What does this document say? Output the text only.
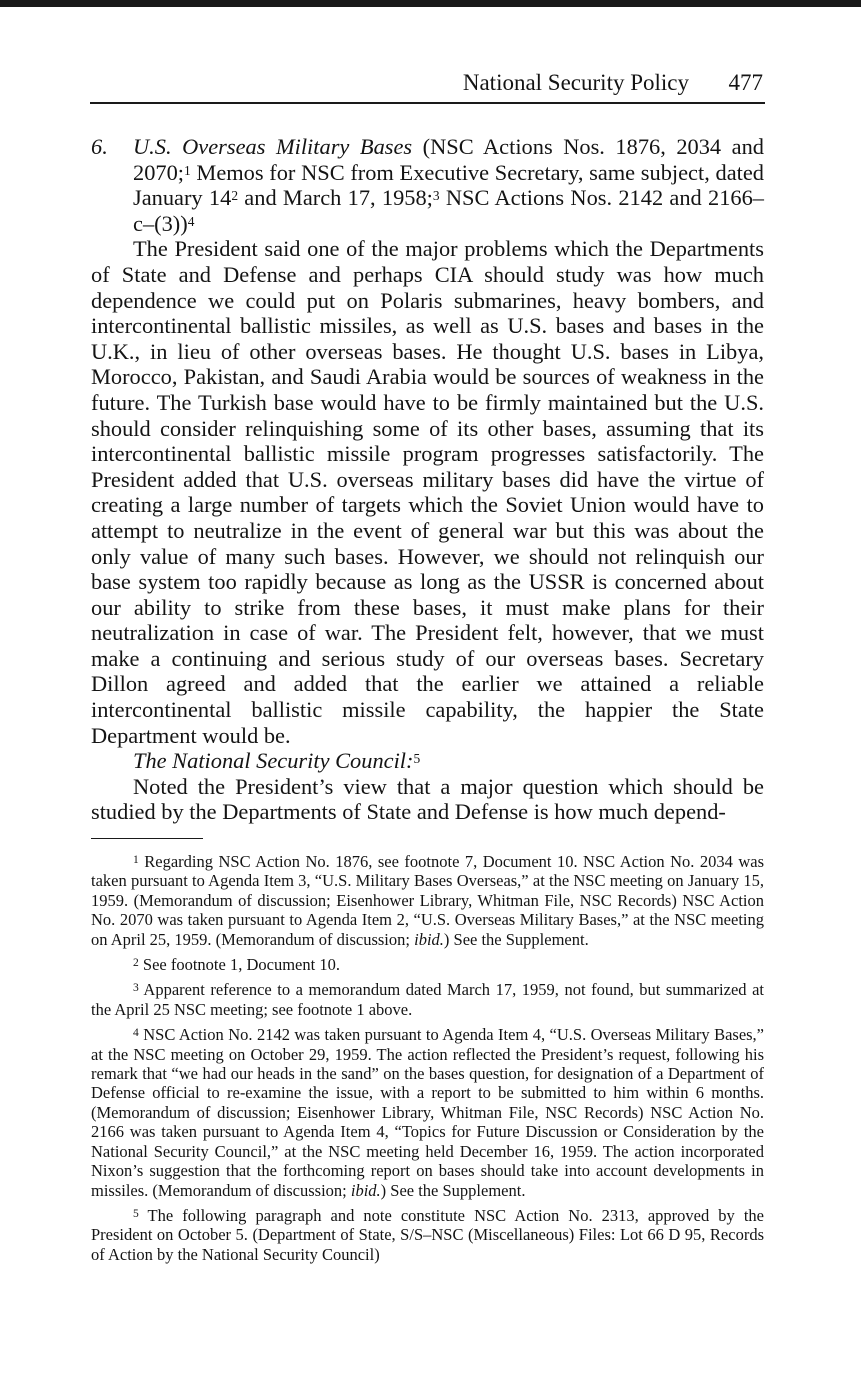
National Security Policy 477
6.	U.S. Overseas Military Bases (NSC Actions Nos. 1876, 2034 and 2070;$^1$ Memos for NSC from Executive Secretary, same subject, dated January $14^2$ and March 17, 1958;$^3$ NSC Actions Nos. 2142 and 2166–c–(3))$^4$

The President said one of the major problems which the Departments of State and Defense and perhaps CIA should study was how much dependence we could put on Polaris submarines, heavy bombers, and intercontinental ballistic missiles, as well as U.S. bases and bases in the U.K., in lieu of other overseas bases. He thought U.S. bases in Libya, Morocco, Pakistan, and Saudi Arabia would be sources of weakness in the future. The Turkish base would have to be firmly maintained but the U.S. should consider relinquishing some of its other bases, assuming that its intercontinental ballistic missile program progresses satisfactorily. The President added that U.S. overseas military bases did have the virtue of creating a large number of targets which the Soviet Union would have to attempt to neutralize in the event of general war but this was about the only value of many such bases. However, we should not relinquish our base system too rapidly because as long as the USSR is concerned about our ability to strike from these bases, it must make plans for their neutralization in case of war. The President felt, however, that we must make a continuing and serious study of our overseas bases. Secretary Dillon agreed and added that the earlier we attained a reliable intercontinental ballistic missile capability, the happier the State Department would be.

The National Security Council:$^5$

Noted the President’s view that a major question which should be studied by the Departments of State and Defense is how much depend-

$^1$ Regarding NSC Action No. 1876, see footnote 7, Document 10. NSC Action No. 2034 was taken pursuant to Agenda Item 3, “U.S. Military Bases Overseas,” at the NSC meeting on January 15, 1959. (Memorandum of discussion; Eisenhower Library, Whitman File, NSC Records) NSC Action No. 2070 was taken pursuant to Agenda Item 2, “U.S. Overseas Military Bases,” at the NSC meeting on April 25, 1959. (Memorandum of discussion; ibid.) See the Supplement.

$^2$ See footnote 1, Document 10.

$^3$ Apparent reference to a memorandum dated March 17, 1959, not found, but summarized at the April 25 NSC meeting; see footnote 1 above.

$^4$ NSC Action No. 2142 was taken pursuant to Agenda Item 4, “U.S. Overseas Military Bases,” at the NSC meeting on October 29, 1959. The action reflected the President’s request, following his remark that “we had our heads in the sand” on the bases question, for designation of a Department of Defense official to re-examine the issue, with a report to be submitted to him within 6 months. (Memorandum of discussion; Eisenhower Library, Whitman File, NSC Records) NSC Action No. 2166 was taken pursuant to Agenda Item 4, “Topics for Future Discussion or Consideration by the National Security Council,” at the NSC meeting held December 16, 1959. The action incorporated Nixon’s suggestion that the forthcoming report on bases should take into account developments in missiles. (Memorandum of discussion; ibid.) See the Supplement.

$^5$ The following paragraph and note constitute NSC Action No. 2313, approved by the President on October 5. (Department of State, S/S–NSC (Miscellaneous) Files: Lot 66 D 95, Records of Action by the National Security Council)
